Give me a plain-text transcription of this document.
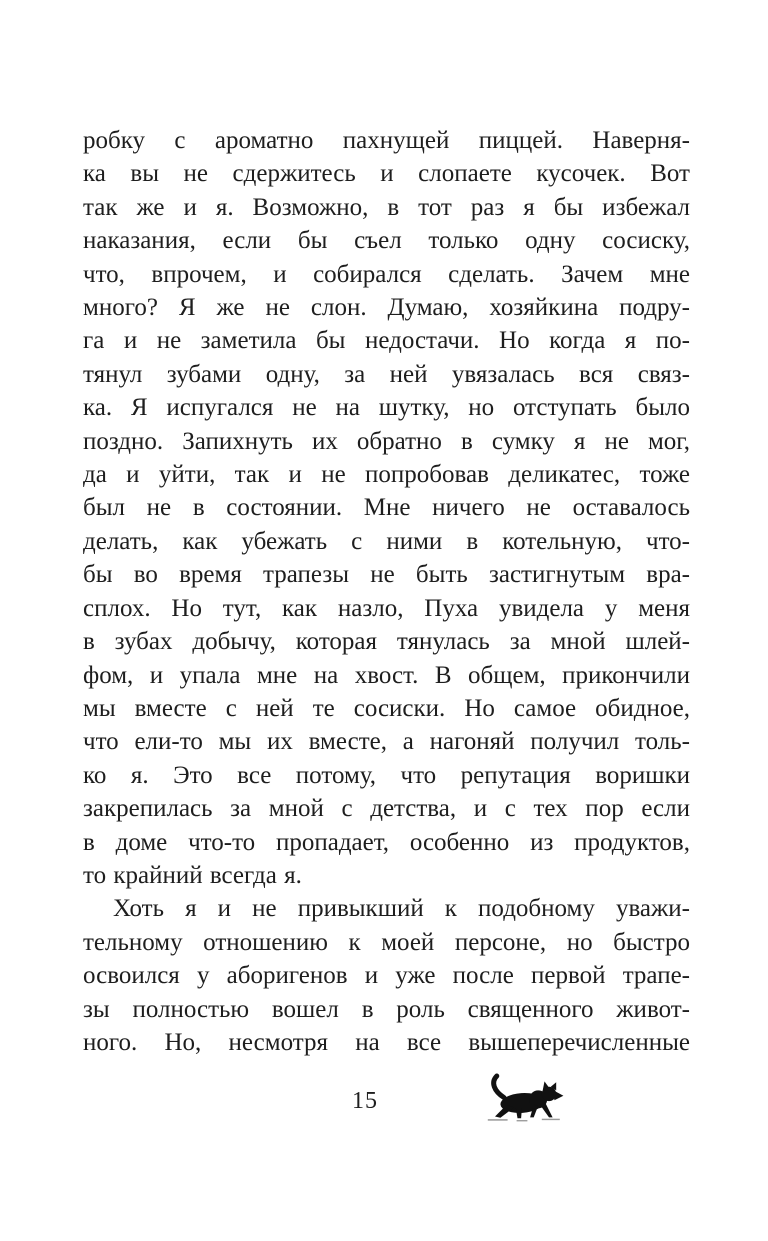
робку с ароматно пахнущей пиццей. Наверня-
ка вы не сдержитесь и слопаете кусочек. Вот
так же и я. Возможно, в тот раз я бы избежал
наказания, если бы съел только одну сосиску,
что, впрочем, и собирался сделать. Зачем мне
много? Я же не слон. Думаю, хозяйкина подру-
га и не заметила бы недостачи. Но когда я по-
тянул зубами одну, за ней увязалась вся связ-
ка. Я испугался не на шутку, но отступать было
поздно. Запихнуть их обратно в сумку я не мог,
да и уйти, так и не попробовав деликатес, тоже
был не в состоянии. Мне ничего не оставалось
делать, как убежать с ними в котельную, что-
бы во время трапезы не быть застигнутым вра-
сплох. Но тут, как назло, Пуха увидела у меня
в зубах добычу, которая тянулась за мной шлей-
фом, и упала мне на хвост. В общем, прикончили
мы вместе с ней те сосиски. Но самое обидное,
что ели-то мы их вместе, а нагоняй получил толь-
ко я. Это все потому, что репутация воришки
закрепилась за мной с детства, и с тех пор если
в доме что-то пропадает, особенно из продуктов,
то крайний всегда я.
Хоть я и не привыкший к подобному уважи-
тельному отношению к моей персоне, но быстро
освоился у аборигенов и уже после первой трапе-
зы полностью вошел в роль священного живот-
ного. Но, несмотря на все вышеперечисленные
15
